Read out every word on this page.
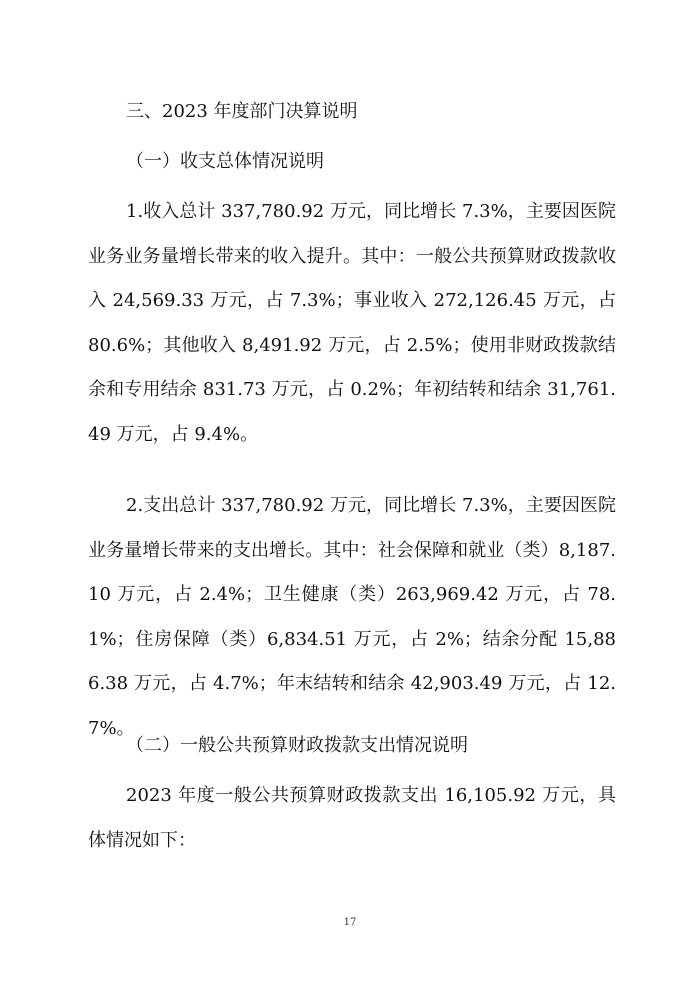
三、2023 年度部门决算说明
（一）收支总体情况说明

1.收入总计 337,780.92 万元，同比增长 7.3%，主要因医院业务业务量增长带来的收入提升。其中：一般公共预算财政拨款收入 24,569.33 万元，占 7.3%；事业收入 272,126.45 万元，占 80.6%；其他收入 8,491.92 万元，占 2.5%；使用非财政拨款结余和专用结余 831.73 万元，占 0.2%；年初结转和结余 31,761.49 万元，占 9.4%。

2.支出总计 337,780.92 万元，同比增长 7.3%，主要因医院业务量增长带来的支出增长。其中：社会保障和就业（类）8,187.10 万元，占 2.4%；卫生健康（类）263,969.42 万元，占 78.1%；住房保障（类）6,834.51 万元，占 2%；结余分配 15,886.38 万元，占 4.7%；年末结转和结余 42,903.49 万元，占 12.7%。

（二）一般公共预算财政拨款支出情况说明

2023 年度一般公共预算财政拨款支出 16,105.92 万元，具体情况如下：

17
